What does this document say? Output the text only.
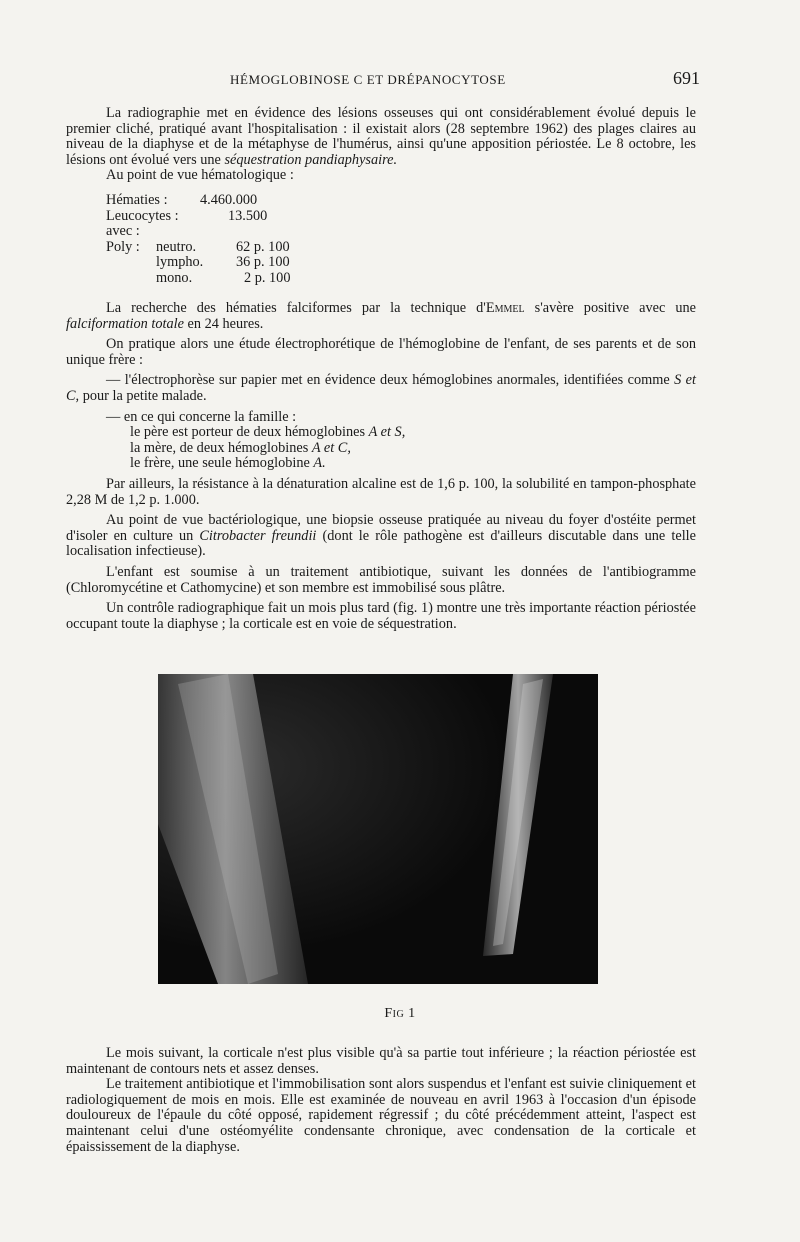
HÉMOGLOBINOSE C ET DRÉPANOCYTOSE	691

La radiographie met en évidence des lésions osseuses qui ont considérablement évolué depuis le premier cliché, pratiqué avant l'hospitalisation : il existait alors (28 septembre 1962) des plages claires au niveau de la diaphyse et de la métaphyse de l'humérus, ainsi qu'une apposition périostée. Le 8 octobre, les lésions ont évolué vers une séquestration pandiaphysaire.

Au point de vue hématologique :

Hématies : 4.460.000
Leucocytes :	13.500
avec :
Poly : neutro.	62 p. 100
lympho. 36 p. 100
mono.	2 p. 100

La recherche des hématies falciformes par la technique d'Emmel s'avère positive avec une falciformation totale en 24 heures.

On pratique alors une étude électrophorétique de l'hémoglobine de l'enfant, de ses parents et de son unique frère :

— l'électrophorèse sur papier met en évidence deux hémoglobines anormales, identifiées comme S et C, pour la petite malade.

— en ce qui concerne la famille :
le père est porteur de deux hémoglobines A et S,
la mère, de deux hémoglobines A et C,
le frère, une seule hémoglobine A.

Par ailleurs, la résistance à la dénaturation alcaline est de 1,6 p. 100, la solubilité en tampon-phosphate 2,28 M de 1,2 p. 1.000.

Au point de vue bactériologique, une biopsie osseuse pratiquée au niveau du foyer d'ostéite permet d'isoler en culture un Citrobacter freundii (dont le rôle pathogène est d'ailleurs discutable dans une telle localisation infectieuse).

L'enfant est soumise à un traitement antibiotique, suivant les données de l'antibiogramme (Chloromycétine et Cathomycine) et son membre est immobilisé sous plâtre.

Un contrôle radiographique fait un mois plus tard (fig. 1) montre une très importante réaction périostée occupant toute la diaphyse ; la corticale est en voie de séquestration.

Fig 1

Le mois suivant, la corticale n'est plus visible qu'à sa partie tout inférieure ; la réaction périostée est maintenant de contours nets et assez denses.

Le traitement antibiotique et l'immobilisation sont alors suspendus et l'enfant est suivie cliniquement et radiologiquement de mois en mois. Elle est examinée de nouveau en avril 1963 à l'occasion d'un épisode douloureux de l'épaule du côté opposé, rapidement régressif ; du côté précédemment atteint, l'aspect est maintenant celui d'une ostéomyélite condensante chronique, avec condensation de la corticale et épaississement de la diaphyse.
